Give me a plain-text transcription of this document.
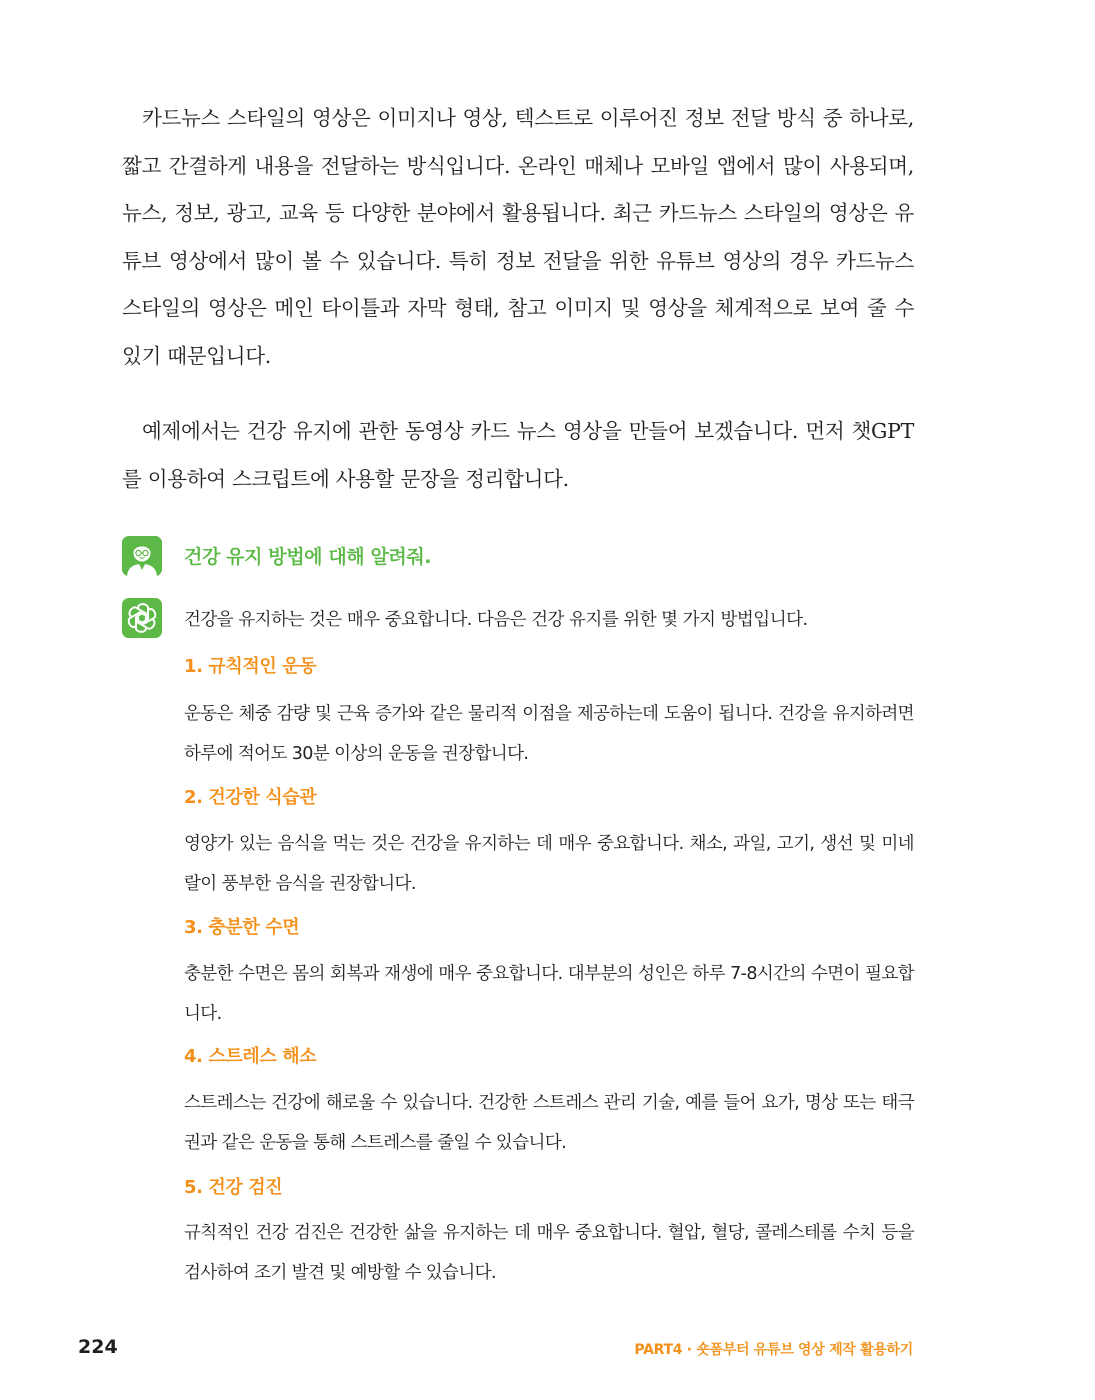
카드뉴스 스타일의 영상은 이미지나 영상, 텍스트로 이루어진 정보 전달 방식 중 하나로, 짧고 간결하게 내용을 전달하는 방식입니다. 온라인 매체나 모바일 앱에서 많이 사용되며, 뉴스, 정보, 광고, 교육 등 다양한 분야에서 활용됩니다. 최근 카드뉴스 스타일의 영상은 유튜브 영상에서 많이 볼 수 있습니다. 특히 정보 전달을 위한 유튜브 영상의 경우 카드뉴스 스타일의 영상은 메인 타이틀과 자막 형태, 참고 이미지 및 영상을 체계적으로 보여 줄 수 있기 때문입니다.

예제에서는 건강 유지에 관한 동영상 카드 뉴스 영상을 만들어 보겠습니다. 먼저 챗GPT를 이용하여 스크립트에 사용할 문장을 정리합니다.

건강 유지 방법에 대해 알려줘.
건강을 유지하는 것은 매우 중요합니다. 다음은 건강 유지를 위한 몇 가지 방법입니다.
1. 규칙적인 운동
운동은 체중 감량 및 근육 증가와 같은 물리적 이점을 제공하는데 도움이 됩니다. 건강을 유지하려면 하루에 적어도 30분 이상의 운동을 권장합니다.
2. 건강한 식습관
영양가 있는 음식을 먹는 것은 건강을 유지하는 데 매우 중요합니다. 채소, 과일, 고기, 생선 및 미네랄이 풍부한 음식을 권장합니다.
3. 충분한 수면
충분한 수면은 몸의 회복과 재생에 매우 중요합니다. 대부분의 성인은 하루 7-8시간의 수면이 필요합니다.
4. 스트레스 해소
스트레스는 건강에 해로울 수 있습니다. 건강한 스트레스 관리 기술, 예를 들어 요가, 명상 또는 태극권과 같은 운동을 통해 스트레스를 줄일 수 있습니다.
5. 건강 검진
규칙적인 건강 검진은 건강한 삶을 유지하는 데 매우 중요합니다. 혈압, 혈당, 콜레스테롤 수치 등을 검사하여 조기 발견 및 예방할 수 있습니다.
224	PART4 · 숏폼부터 유튜브 영상 제작 활용하기
